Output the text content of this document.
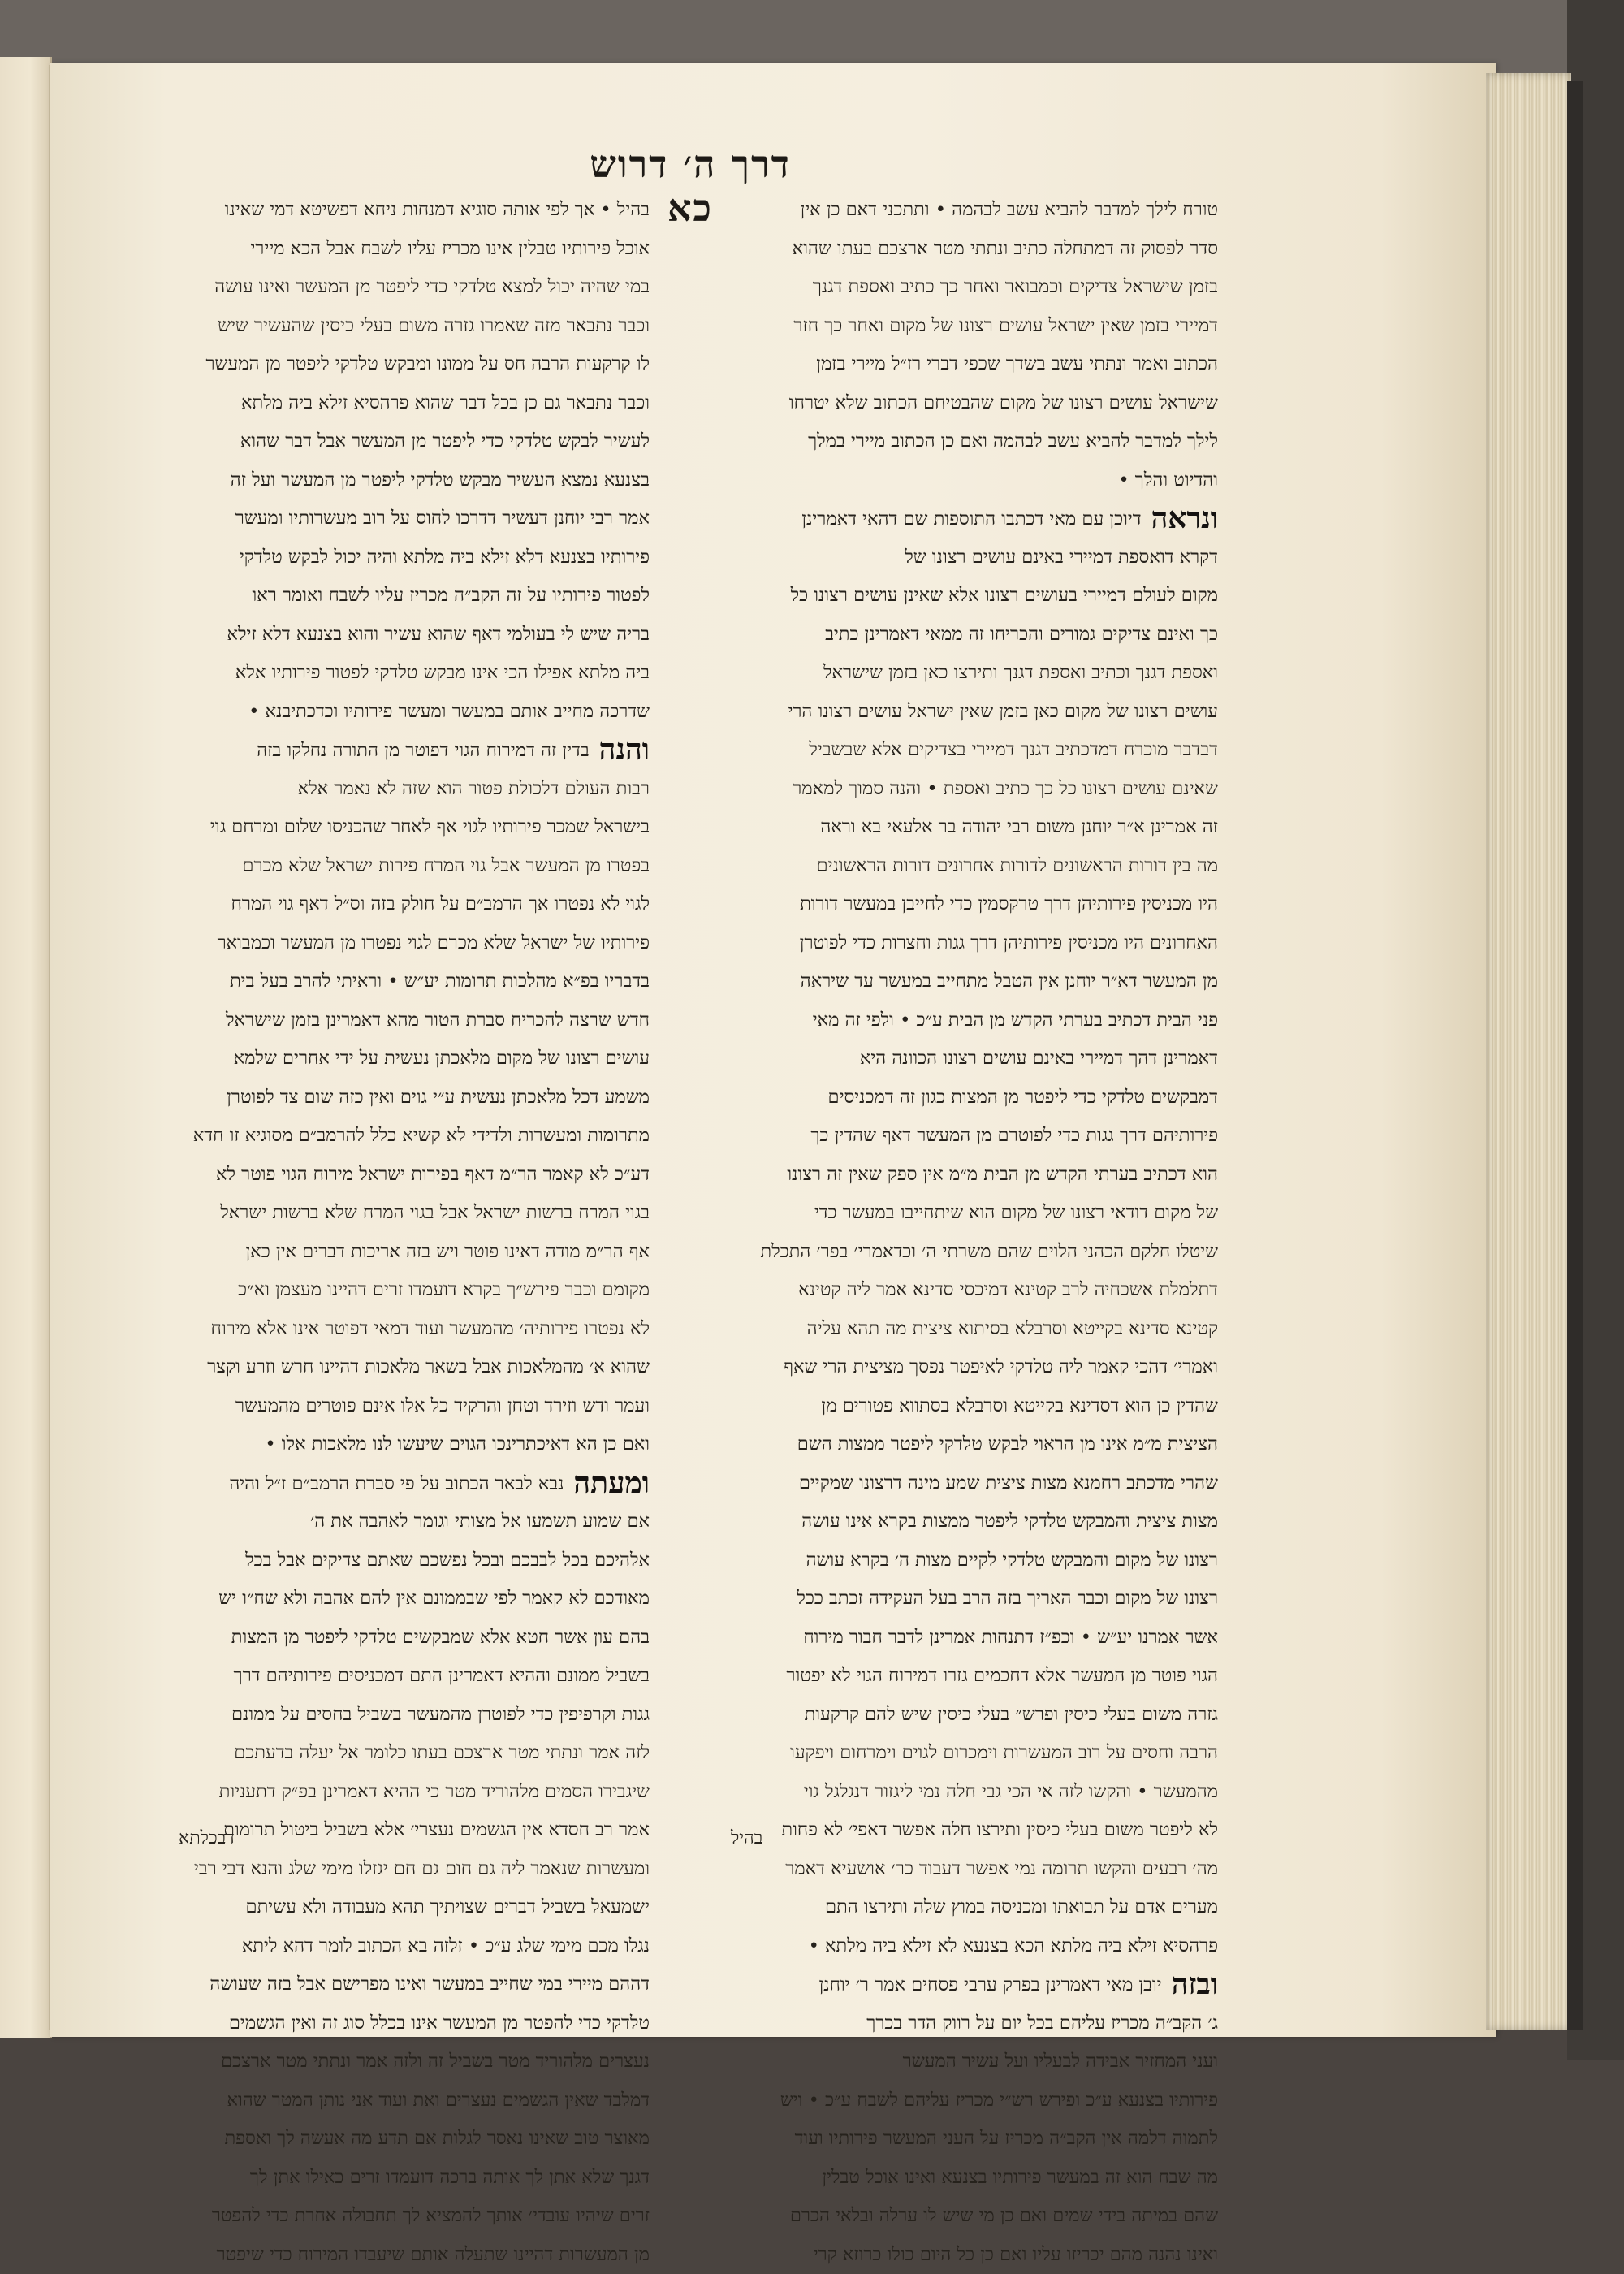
דרך ה׳ דרוש כא	טורח לילך למדבר להביא עשב לבהמה • ותתכני דאם כן אין
סדר לפסוק זה דמתחלה כתיב ונתתי מטר ארצכם בעתו שהוא
בזמן שישראל צדיקים וכמבואר ואחר כך כתיב ואספת דגנך
דמיירי בזמן שאין ישראל עושים רצונו של מקום ואחר כך חזר
הכתוב ואמר ונתתי עשב בשדך שכפי דברי רז״ל מיירי בזמן
שישראל עושים רצונו של מקום שהבטיחם הכתוב שלא יטרחו
לילך למדבר להביא עשב לבהמה ואם כן הכתוב מיירי במלך
והדיוט והלך •
ונראהדיוכן עם מאי דכתבו התוספות שם דהאי דאמרינן
דקרא דואספת דמיירי באינם עושים רצונו של
מקום לעולם דמיירי בעושים רצונו אלא שאינן עושים רצונו כל
כך ואינם צדיקים גמורים והכריחו זה ממאי דאמרינן כתיב
ואספת דגנך וכתיב ואספת דגנך ותירצו כאן בזמן שישראל
עושים רצונו של מקום כאן בזמן שאין ישראל עושים רצונו הרי
דבדבר מוכרח דמדכתיב דגנך דמיירי בצדיקים אלא שבשביל
שאינם עושים רצונו כל כך כתיב ואספת • והנה סמוך למאמר
זה אמרינן א״ר יוחנן משום רבי יהודה בר אלעאי בא וראה
מה בין דורות הראשונים לדורות אחרונים דורות הראשונים
היו מכניסין פירותיהן דרך טרקסמין כדי לחייבן במעשר דורות
האחרונים היו מכניסין פירותיהן דרך גגות וחצרות כדי לפוטרן
מן המעשר דא״ר יוחנן אין הטבל מתחייב במעשר עד שיראה
פני הבית דכתיב בערתי הקדש מן הבית ע״כ • ולפי זה מאי
דאמרינן דהך דמיירי באינם עושים רצונו הכוונה היא
דמבקשים טלדקי כדי ליפטר מן המצות כגון זה דמכניסים
פירותיהם דרך גגות כדי לפוטרם מן המעשר דאף שהדין כך
הוא דכתיב בערתי הקדש מן הבית מ״מ אין ספק שאין זה רצונו
של מקום דודאי רצונו של מקום הוא שיתחייבו במעשר כדי
שיטלו חלקם הכהני הלוים שהם משרתי ה׳ וכדאמרי׳ בפר׳ התכלת
דתלמלת אשכחיה לרב קטינא דמיכסי סדינא אמר ליה קטינא
קטינא סדינא בקייטא וסרבלא בסיתוא ציצית מה תהא עליה
ואמרי׳ דהכי קאמר ליה טלדקי לאיפטר נפסך מציצית הרי שאף
שהדין כן הוא דסדינא בקייטא וסרבלא בסתווא פטורים מן
הציצית מ״מ אינו מן הראוי לבקש טלדקי ליפטר ממצות השם
שהרי מדכתב רחמנא מצות ציצית שמע מינה דרצונו שמקיים
מצות ציצית והמבקש טלדקי ליפטר ממצות בקרא אינו עושה
רצונו של מקום והמבקש טלדקי לקיים מצות ה׳ בקרא עושה
רצונו של מקום וכבר האריך בזה הרב בעל העקידה זכתב ככל
אשר אמרנו יע״ש • וכפ״ז דתנחות אמרינן לדבר חבור מירוח
הגוי פוטר מן המעשר אלא דחכמים גזרו דמירוח הגוי לא יפטור
גזרה משום בעלי כיסין ופרש״ בעלי כיסין שיש להם קרקעות
הרבה וחסים על רוב המעשרות וימכרום לגוים וימרחום ויפקעו
מהמעשר • והקשו לזה אי הכי גבי חלה נמי ליגזור דנגלגל גוי
לא ליפטר משום בעלי כיסין ותירצו חלה אפשר דאפי׳ לא פחות
מה׳ רבעים והקשו תרומה נמי אפשר דעבוד כר׳ אושעיא דאמר
מערים אדם על תבואתו ומכניסה במוץ שלה ותירצו התם
פרהסיא זילא ביה מלתא הכא בצנעא לא זילא ביה מלתא •
ובזהיובן מאי דאמרינן בפרק ערבי פסחים אמר ר׳ יוחנן
ג׳ הקב״ה מכריז עליהם בכל יום על רווק הדר בכרך
ועני המחזיר אבידה לבעליו ועל עשיר המעשר
פירותיו בצנעא ע״כ ופירש רש״י מכריז עליהם לשבח ע״כ • ויש
לתמוה דלמה אין הקב״ה מכריז על העני המעשר פירותיו ועוד
מה שבח הוא זה במעשר פירותיו בצנעא ואינו אוכל טבלין
שהם במיתה בידי שמים ואם כן מי שיש לו ערלה ובלאי הכרם
ואינו נהנה מהם יכריזו עליו ואם כן כל היום כולו כרוזא קרי
בהיל • אך לפי אותה סוגיא דמנחות ניחא דפשיטא דמי שאינו
אוכל פירותיו טבלין אינו מכריז עליו לשבח אבל הכא מיירי
במי שהיה יכול למצא טלדקי כדי ליפטר מן המעשר ואינו עושה
וכבר נתבאר מזה שאמרו גזרה משום בעלי כיסין שהעשיר שיש
לו קרקעות הרבה חס על ממונו ומבקש טלדקי ליפטר מן המעשר
וכבר נתבאר גם כן בכל דבר שהוא פרהסיא זילא ביה מלתא
לעשיר לבקש טלדקי כדי ליפטר מן המעשר אבל דבר שהוא
בצנעא נמצא העשיר מבקש טלדקי ליפטר מן המעשר ועל זה
אמר רבי יוחנן דעשיר דדרכו לחוס על רוב מעשרותיו ומעשר
פירותיו בצנעא דלא זילא ביה מלתא והיה יכול לבקש טלדקי
לפטור פירותיו על זה הקב״ה מכריז עליו לשבח ואומר ראו
בריה שיש לי בעולמי דאף שהוא עשיר והוא בצנעא דלא זילא
ביה מלתא אפילו הכי אינו מבקש טלדקי לפטור פירותיו אלא
שדרכה מחייב אותם במעשר ומעשר פירותיו וכדכתיבנא •
והנהבדין זה דמירוח הגוי דפוטר מן התורה נחלקו בזה
רבות העולם דלכולת פטור הוא שזה לא נאמר אלא
בישראל שמכר פירותיו לגוי אף לאחר שהכניסו שלום ומרחם גוי
בפטרו מן המעשר אבל גוי המרח פירות ישראל שלא מכרם
לגוי לא נפטרו אך הרמב״ם על חולק בזה וס״ל דאף גוי המרח
פירותיו של ישראל שלא מכרם לגוי נפטרו מן המעשר וכמבואר
בדבריו בפ״א מהלכות תרומות יע״ש • וראיתי להרב בעל בית
חדש שרצה להכריח סברת הטור מהא דאמרינן בזמן שישראל
עושים רצונו של מקום מלאכתן נעשית על ידי אחרים שלמא
משמע דכל מלאכתן נעשית ע״י גוים ואין כזה שום צד לפוטרן
מתרומות ומעשרות ולדידי לא קשיא כלל להרמב״ם מסוגיא זו חדא
דע״כ לא קאמר הר״מ דאף בפירות ישראל מירוח הגוי פוטר לא
בגוי המרח ברשות ישראל אבל בגוי המרח שלא ברשות ישראל
אף הר״מ מודה דאינו פוטר ויש בזה אריכות דברים אין כאן
מקומם וכבר פירש״ך בקרא דועמדו זרים דהיינו מעצמן וא״כ
לא נפטרו פירותיה׳ מהמעשר ועוד דמאי דפוטר אינו אלא מירוח
שהוא א׳ מהמלאכות אבל בשאר מלאכות דהיינו חרש וזרע וקצר
ועמר ודש וזירד וטחן והרקיד כל אלו אינם פוטרים מהמעשר
ואם כן הא דאיכתרינכו הגוים שיעשו לנו מלאכות אלו •
ומעתהנבא לבאר הכתוב על פי סברת הרמב״ם ז״ל והיה
אם שמוע תשמעו אל מצותי וגומר לאהבה את ה׳
אלהיכם בכל לבבכם ובכל נפשכם שאתם צדיקים אבל בכל
מאודכם לא קאמר לפי שבממונם אין להם אהבה ולא שח״ו יש
בהם עון אשר חטא אלא שמבקשים טלדקי ליפטר מן המצות
בשביל ממונם וההיא דאמרינן התם דמכניסים פירותיהם דרך
גגות וקרפיפין כדי לפוטרן מהמעשר בשביל בחסים על ממונם
לזה אמר ונתתי מטר ארצכם בעתו כלומר אל יעלה בדעתכם
שיגבירו הסמים מלהוריד מטר כי ההיא דאמרינן בפ״ק דתעניות
אמר רב חסדא אין הגשמים נעצרי׳ אלא בשביל ביטול תרומות
ומעשרות שנאמר ליה גם חום גם חם יגזלו מימי שלג והנא דבי רבי
ישמעאל בשביל דברים שצויתיך תהא מעבודה ולא עשיתם
נגלו מכם מימי שלג ע״כ • זלזה בא הכתוב לומר דהא ליתא
דההם מיירי במי שחייב במעשר ואינו מפרישם אבל בזה שעושה
טלדקי כדי להפטר מן המעשר אינו בכלל סוג זה ואין הגשמים
נעצרים מלהוריד מטר בשביל זה ולזה אמר ונתתי מטר ארצכם
דמלבד שאין הגשמים נעצרים ואת ועוד אני נותן המטר שהוא
מאוצר טוב שאינו נאסר לגלות אם תדע מה אעשה לך ואספת
דגנך שלא אתן לך אותה ברכה דועמדו זרים כאילו אתן לך
זרים שיהיו עובדי׳ אותך להמציא לך תחבולה אחרת כדי להפטר
מן המעשרות דהיינו שתעלה אותם שיעבדו המירוח כדי שיפטר
דבכלתא	בהיל
